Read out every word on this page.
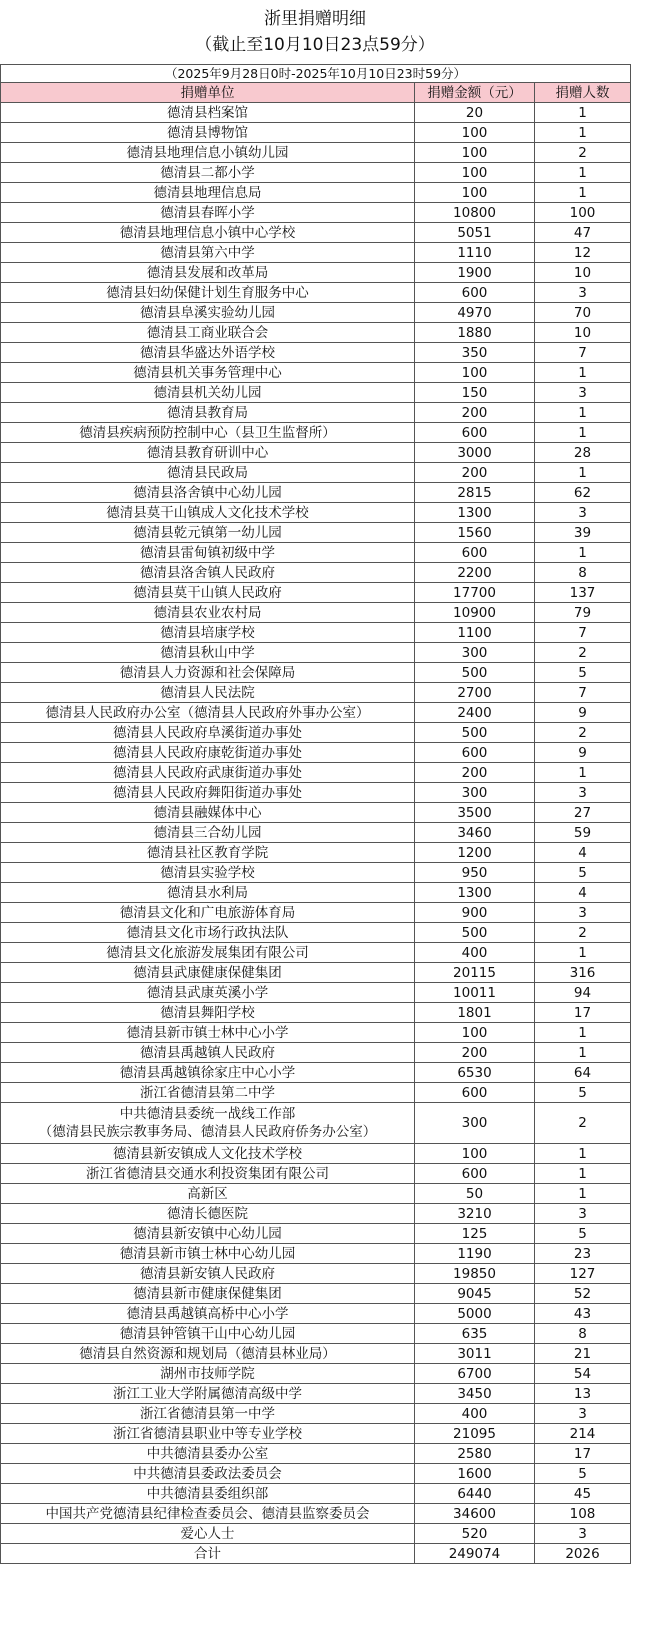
浙里捐赠明细
（截止至10月10日23点59分）
（2025年9月28日0时-2025年10月10日23时59分）		
捐赠单位	捐赠金额（元）	捐赠人数
德清县档案馆	20	1
德清县博物馆	100	1
德清县地理信息小镇幼儿园	100	2
德清县二都小学	100	1
德清县地理信息局	100	1
德清县春晖小学	10800	100
德清县地理信息小镇中心学校	5051	47
德清县第六中学	1110	12
德清县发展和改革局	1900	10
德清县妇幼保健计划生育服务中心	600	3
德清县阜溪实验幼儿园	4970	70
德清县工商业联合会	1880	10
德清县华盛达外语学校	350	7
德清县机关事务管理中心	100	1
德清县机关幼儿园	150	3
德清县教育局	200	1
德清县疾病预防控制中心（县卫生监督所）	600	1
德清县教育研训中心	3000	28
德清县民政局	200	1
德清县洛舍镇中心幼儿园	2815	62
德清县莫干山镇成人文化技术学校	1300	3
德清县乾元镇第一幼儿园	1560	39
德清县雷甸镇初级中学	600	1
德清县洛舍镇人民政府	2200	8
德清县莫干山镇人民政府	17700	137
德清县农业农村局	10900	79
德清县培康学校	1100	7
德清县秋山中学	300	2
德清县人力资源和社会保障局	500	5
德清县人民法院	2700	7
德清县人民政府办公室（德清县人民政府外事办公室）	2400	9
德清县人民政府阜溪街道办事处	500	2
德清县人民政府康乾街道办事处	600	9
德清县人民政府武康街道办事处	200	1
德清县人民政府舞阳街道办事处	300	3
德清县融媒体中心	3500	27
德清县三合幼儿园	3460	59
德清县社区教育学院	1200	4
德清县实验学校	950	5
德清县水利局	1300	4
德清县文化和广电旅游体育局	900	3
德清县文化市场行政执法队	500	2
德清县文化旅游发展集团有限公司	400	1
德清县武康健康保健集团	20115	316
德清县武康英溪小学	10011	94
德清县舞阳学校	1801	17
德清县新市镇士林中心小学	100	1
德清县禹越镇人民政府	200	1
德清县禹越镇徐家庄中心小学	6530	64
浙江省德清县第二中学	600	5
中共德清县委统一战线工作部
（德清县民族宗教事务局、德清县人民政府侨务办公室）	300	2
德清县新安镇成人文化技术学校	100	1
浙江省德清县交通水利投资集团有限公司	600	1
高新区	50	1
德清长德医院	3210	3
德清县新安镇中心幼儿园	125	5
德清县新市镇士林中心幼儿园	1190	23
德清县新安镇人民政府	19850	127
德清县新市健康保健集团	9045	52
德清县禹越镇高桥中心小学	5000	43
德清县钟管镇干山中心幼儿园	635	8
德清县自然资源和规划局（德清县林业局）	3011	21
湖州市技师学院	6700	54
浙江工业大学附属德清高级中学	3450	13
浙江省德清县第一中学	400	3
浙江省德清县职业中等专业学校	21095	214
中共德清县委办公室	2580	17
中共德清县委政法委员会	1600	5
中共德清县委组织部	6440	45
中国共产党德清县纪律检查委员会、德清县监察委员会	34600	108
爱心人士	520	3
合计	249074	2026
